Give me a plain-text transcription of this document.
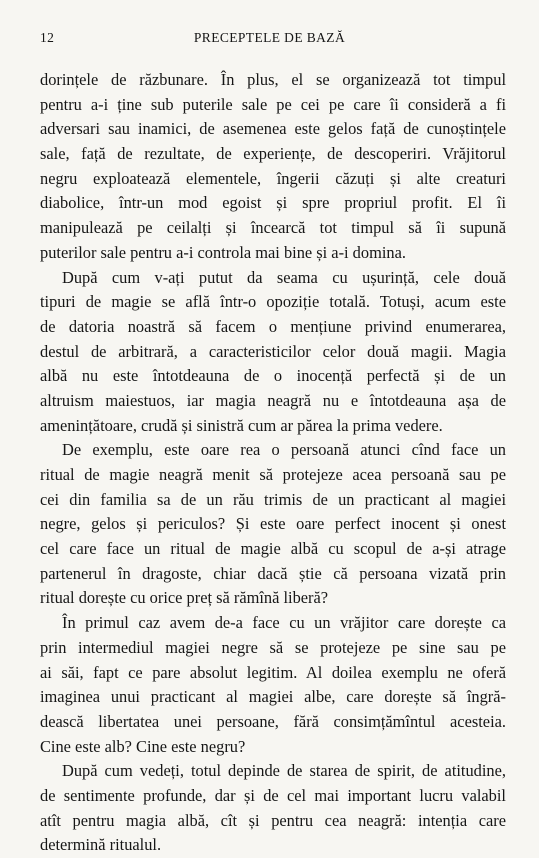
12	PRECEPTELE DE BAZĂ
dorințele de răzbunare. În plus, el se organizează tot timpul
pentru a-i ține sub puterile sale pe cei pe care îi consideră a fi
adversari sau inamici, de asemenea este gelos față de cunoștințele
sale, față de rezultate, de experiențe, de descoperiri. Vrăjitorul
negru exploatează elementele, îngerii căzuți și alte creaturi
diabolice, într-un mod egoist și spre propriul profit. El îi
manipulează pe ceilalți și încearcă tot timpul să îi supună
puterilor sale pentru a-i controla mai bine și a-i domina.
După cum v-ați putut da seama cu ușurință, cele două
tipuri de magie se află într-o opoziție totală. Totuși, acum este
de datoria noastră să facem o mențiune privind enumerarea,
destul de arbitrară, a caracteristicilor celor două magii. Magia
albă nu este întotdeauna de o inocență perfectă și de un
altruism maiestuos, iar magia neagră nu e întotdeauna așa de
amenințătoare, crudă și sinistră cum ar părea la prima vedere.
De exemplu, este oare rea o persoană atunci cînd face un
ritual de magie neagră menit să protejeze acea persoană sau pe
cei din familia sa de un rău trimis de un practicant al magiei
negre, gelos și periculos? Și este oare perfect inocent și onest
cel care face un ritual de magie albă cu scopul de a-și atrage
partenerul în dragoste, chiar dacă știe că persoana vizată prin
ritual dorește cu orice preț să rămînă liberă?
În primul caz avem de-a face cu un vrăjitor care dorește ca
prin intermediul magiei negre să se protejeze pe sine sau pe
ai săi, fapt ce pare absolut legitim. Al doilea exemplu ne oferă
imaginea unui practicant al magiei albe, care dorește să îngră-
dească libertatea unei persoane, fără consimțămîntul acesteia.
Cine este alb? Cine este negru?
După cum vedeți, totul depinde de starea de spirit, de atitudine,
de sentimente profunde, dar și de cel mai important lucru valabil
atît pentru magia albă, cît și pentru cea neagră: intenția care
determină ritualul.
